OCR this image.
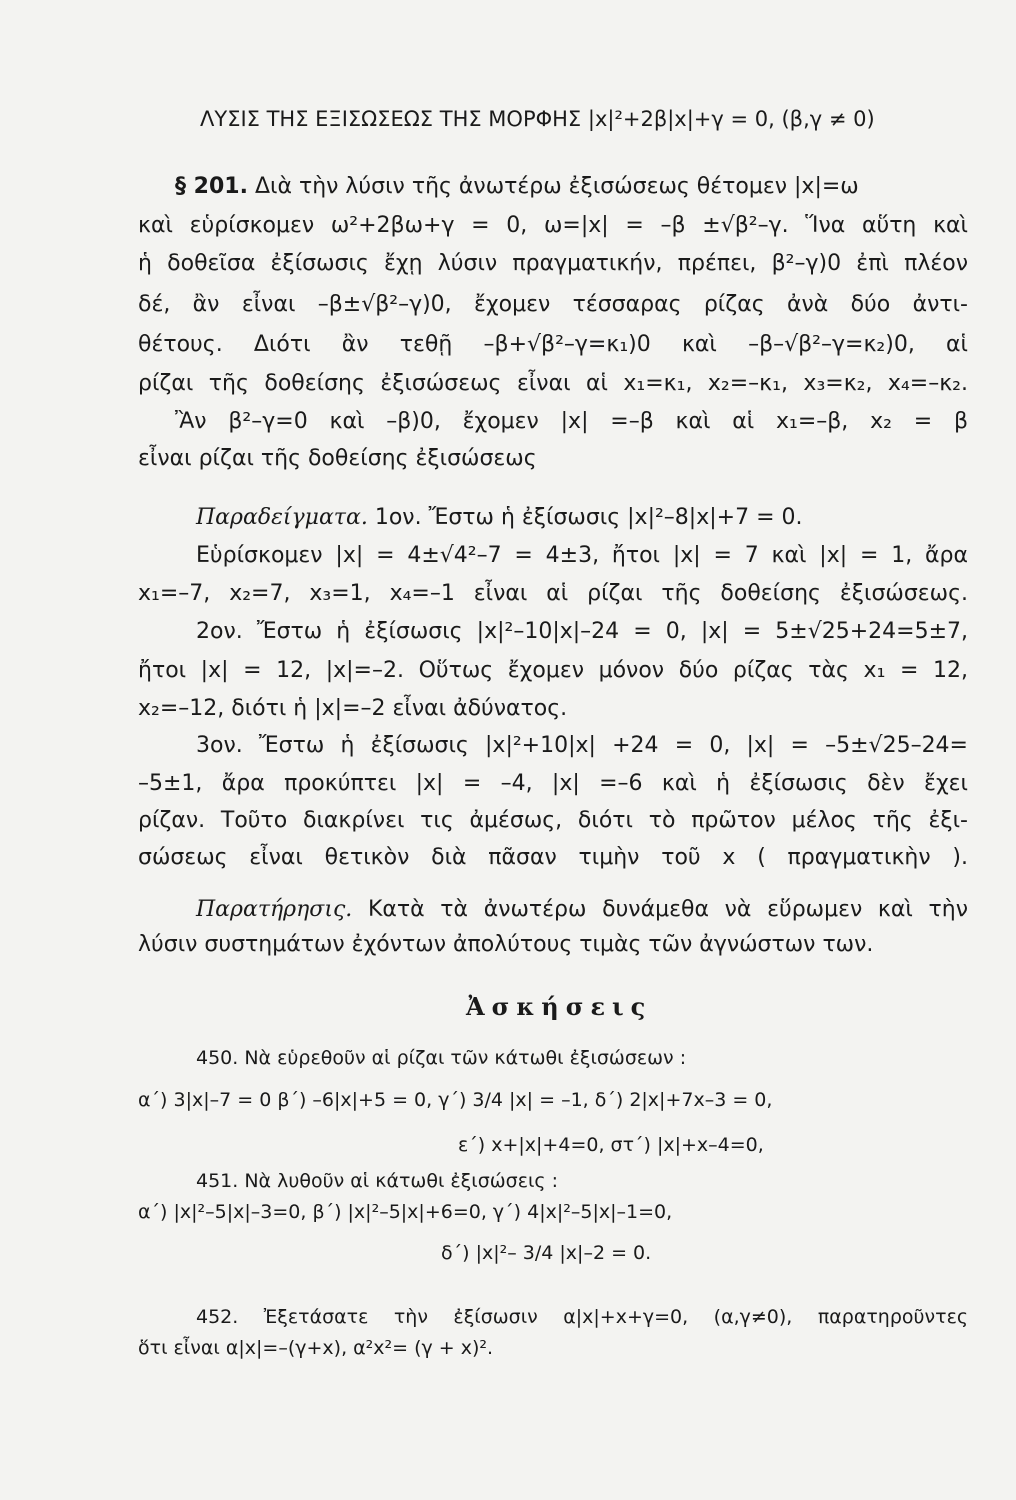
ΛΥΣΙΣ ΤΗΣ ΕΞΙΣΩΣΕΩΣ ΤΗΣ ΜΟΡΦΗΣ |x|²+2β|x|+γ = 0, (β,γ ≠ 0)
§ 201. Διὰ τὴν λύσιν τῆς ἀνωτέρω ἐξισώσεως θέτομεν |x|=ω
καὶ εὑρίσκομεν ω²+2βω+γ = 0, ω=|x| = –β ±√β²–γ. Ἵνα αὕτη καὶ
ἡ δοθεῖσα ἐξίσωσις ἔχῃ λύσιν πραγματικήν, πρέπει, β²–γ)0 ἐπὶ πλέον
δέ, ἂν εἶναι –β±√β²–γ)0, ἔχομεν τέσσαρας ρίζας ἀνὰ δύο ἀντι-
θέτους. Διότι ἂν τεθῇ –β+√β²–γ=κ₁)0 καὶ –β–√β²–γ=κ₂)0, αἱ
ρίζαι τῆς δοθείσης ἐξισώσεως εἶναι αἱ x₁=κ₁, x₂=–κ₁, x₃=κ₂, x₄=–κ₂.
Ἂν β²–γ=0 καὶ –β)0, ἔχομεν |x| =–β καὶ αἱ x₁=–β, x₂ = β
εἶναι ρίζαι τῆς δοθείσης ἐξισώσεως
Παραδείγματα. 1ον. Ἔστω ἡ ἐξίσωσις |x|²–8|x|+7 = 0.
Εὑρίσκομεν |x| = 4±√4²–7 = 4±3, ἤτοι |x| = 7 καὶ |x| = 1, ἄρα
x₁=–7, x₂=7, x₃=1, x₄=–1 εἶναι αἱ ρίζαι τῆς δοθείσης ἐξισώσεως.
2ον. Ἔστω ἡ ἐξίσωσις |x|²–10|x|–24 = 0, |x| = 5±√25+24=5±7,
ἤτοι |x| = 12, |x|=–2. Οὕτως ἔχομεν μόνον δύο ρίζας τὰς x₁ = 12,
x₂=–12, διότι ἡ |x|=–2 εἶναι ἀδύνατος.
3ον. Ἔστω ἡ ἐξίσωσις |x|²+10|x| +24 = 0, |x| = –5±√25–24=
–5±1, ἄρα προκύπτει |x| = –4, |x| =–6 καὶ ἡ ἐξίσωσις δὲν ἔχει
ρίζαν. Τοῦτο διακρίνει τις ἀμέσως, διότι τὸ πρῶτον μέλος τῆς ἐξι-
σώσεως εἶναι θετικὸν διὰ πᾶσαν τιμὴν τοῦ x ( πραγματικὴν ).
Παρατήρησις. Κατὰ τὰ ἀνωτέρω δυνάμεθα νὰ εὕρωμεν καὶ τὴν
λύσιν συστημάτων ἐχόντων ἀπολύτους τιμὰς τῶν ἀγνώστων των.
Ἀσκήσεις
450. Νὰ εὑρεθοῦν αἱ ρίζαι τῶν κάτωθι ἐξισώσεων :
α΄) 3|x|–7 = 0 β΄) –6|x|+5 = 0, γ΄) 3/4 |x| = –1, δ΄) 2|x|+7x–3 = 0,
ε΄) x+|x|+4=0, στ΄) |x|+x–4=0,
451. Νὰ λυθοῦν αἱ κάτωθι ἐξισώσεις :
α΄) |x|²–5|x|–3=0, β΄) |x|²–5|x|+6=0, γ΄) 4|x|²–5|x|–1=0,
δ΄) |x|²– 3/4 |x|–2 = 0.
452. Ἐξετάσατε τὴν ἐξίσωσιν α|x|+x+γ=0, (α,γ≠0), παρατηροῦντες
ὅτι εἶναι α|x|=–(γ+x), α²x²= (γ + x)².
